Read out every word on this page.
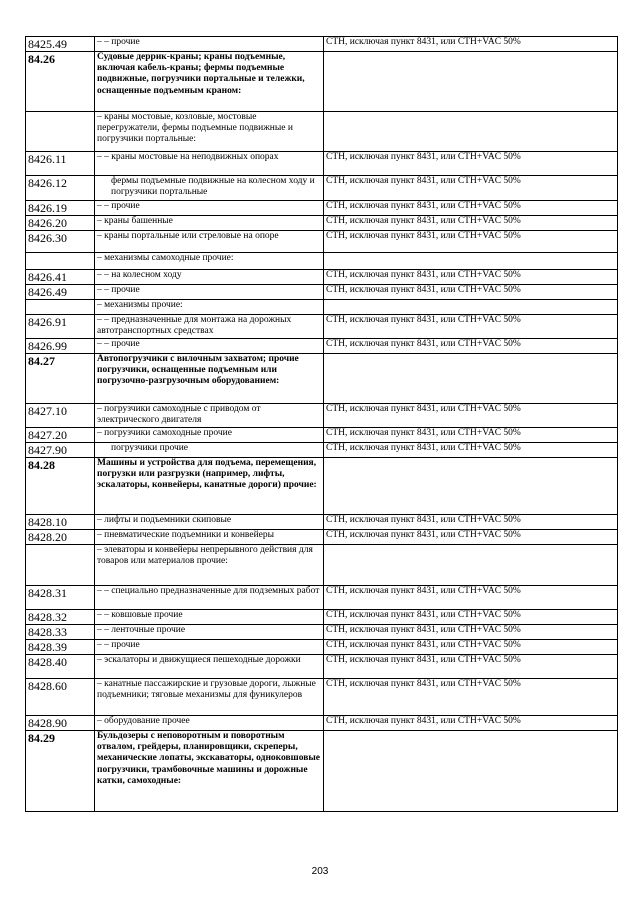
8425.49	– – прочие	СТН, исключая пункт 8431, или СТН+VAC 50%
84.26	Судовые деррик-краны; краны подъемные, включая кабель-краны; фермы подъемные подвижные, погрузчики портальные и тележки, оснащенные подъемным краном:	
	– краны мостовые, козловые, мостовые перегружатели, фермы подъемные подвижные и погрузчики портальные:	
8426.11	– – краны мостовые на неподвижных опорах	СТН, исключая пункт 8431, или СТН+VAC 50%
8426.12	фермы подъемные подвижные на колесном ходу и погрузчики портальные	СТН, исключая пункт 8431, или СТН+VAC 50%
8426.19	– – прочие	СТН, исключая пункт 8431, или СТН+VAC 50%
8426.20	– краны башенные	СТН, исключая пункт 8431, или СТН+VAC 50%
8426.30	– краны портальные или стреловые на опоре	СТН, исключая пункт 8431, или СТН+VAC 50%
	– механизмы самоходные прочие:	
8426.41	– – на колесном ходу	СТН, исключая пункт 8431, или СТН+VAC 50%
8426.49	– – прочие	СТН, исключая пункт 8431, или СТН+VAC 50%
	– механизмы прочие:	
8426.91	– – предназначенные для монтажа на дорожных автотранспортных средствах	СТН, исключая пункт 8431, или СТН+VAC 50%
8426.99	– – прочие	СТН, исключая пункт 8431, или СТН+VAC 50%
84.27	Автопогрузчики с вилочным захватом; прочие погрузчики, оснащенные подъемным или погрузочно-разгрузочным оборудованием:	
8427.10	– погрузчики самоходные с приводом от электрического двигателя	СТН, исключая пункт 8431, или СТН+VAC 50%
8427.20	– погрузчики самоходные прочие	СТН, исключая пункт 8431, или СТН+VAC 50%
8427.90	погрузчики прочие	СТН, исключая пункт 8431, или СТН+VAC 50%
84.28	Машины и устройства для подъема, перемещения, погрузки или разгрузки (например, лифты, эскалаторы, конвейеры, канатные дороги) прочие:	
8428.10	– лифты и подъемники скиповые	СТН, исключая пункт 8431, или СТН+VAC 50%
8428.20	– пневматические подъемники и конвейеры	СТН, исключая пункт 8431, или СТН+VAC 50%
	– элеваторы и конвейеры непрерывного действия для товаров или материалов прочие:	
8428.31	– – специально предназначенные для подземных работ	СТН, исключая пункт 8431, или СТН+VAC 50%
8428.32	– – ковшовые прочие	СТН, исключая пункт 8431, или СТН+VAC 50%
8428.33	– – ленточные прочие	СТН, исключая пункт 8431, или СТН+VAC 50%
8428.39	– – прочие	СТН, исключая пункт 8431, или СТН+VAC 50%
8428.40	– эскалаторы и движущиеся пешеходные дорожки	СТН, исключая пункт 8431, или СТН+VAC 50%
8428.60	– канатные пассажирские и грузовые дороги, лыжные подъемники; тяговые механизмы для фуникулеров	СТН, исключая пункт 8431, или СТН+VAC 50%
8428.90	– оборудование прочее	СТН, исключая пункт 8431, или СТН+VAC 50%
84.29	Бульдозеры с неповоротным и поворотным отвалом, грейдеры, планировщики, скреперы, механические лопаты, экскаваторы, одноковшовые погрузчики, трамбовочные машины и дорожные катки, самоходные:	
203
